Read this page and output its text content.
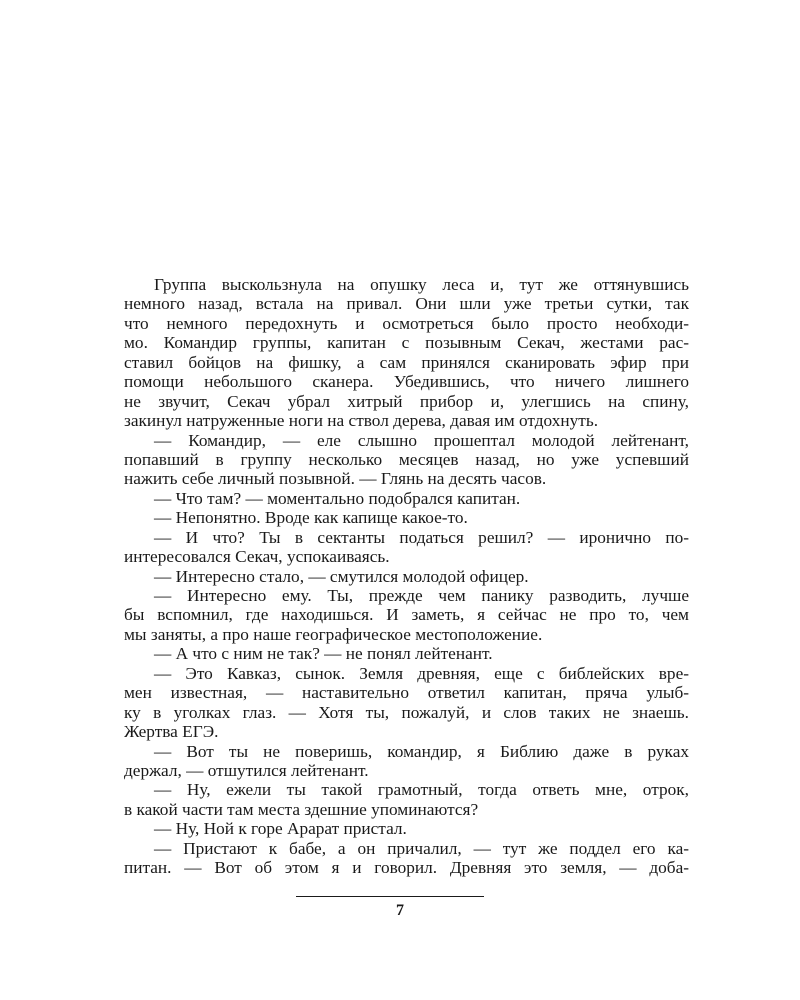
Группа выскользнула на опушку леса и, тут же оттянувшись
немного назад, встала на привал. Они шли уже третьи сутки, так
что немного передохнуть и осмотреться было просто необходи-
мо. Командир группы, капитан с позывным Секач, жестами рас-
ставил бойцов на фишку, а сам принялся сканировать эфир при
помощи небольшого сканера. Убедившись, что ничего лишнего
не звучит, Секач убрал хитрый прибор и, улегшись на спину,
закинул натруженные ноги на ствол дерева, давая им отдохнуть.
— Командир, — еле слышно прошептал молодой лейтенант,
попавший в группу несколько месяцев назад, но уже успевший
нажить себе личный позывной. — Глянь на десять часов.
— Что там? — моментально подобрался капитан.
— Непонятно. Вроде как капище какое-то.
— И что? Ты в сектанты податься решил? — иронично по-
интересовался Секач, успокаиваясь.
— Интересно стало, — смутился молодой офицер.
— Интересно ему. Ты, прежде чем панику разводить, лучше
бы вспомнил, где находишься. И заметь, я сейчас не про то, чем
мы заняты, а про наше географическое местоположение.
— А что с ним не так? — не понял лейтенант.
— Это Кавказ, сынок. Земля древняя, еще с библейских вре-
мен известная, — наставительно ответил капитан, пряча улыб-
ку в уголках глаз. — Хотя ты, пожалуй, и слов таких не знаешь.
Жертва ЕГЭ.
— Вот ты не поверишь, командир, я Библию даже в руках
держал, — отшутился лейтенант.
— Ну, ежели ты такой грамотный, тогда ответь мне, отрок,
в какой части там места здешние упоминаются?
— Ну, Ной к горе Арарат пристал.
— Пристают к бабе, а он причалил, — тут же поддел его ка-
питан. — Вот об этом я и говорил. Древняя это земля, — доба-
7
